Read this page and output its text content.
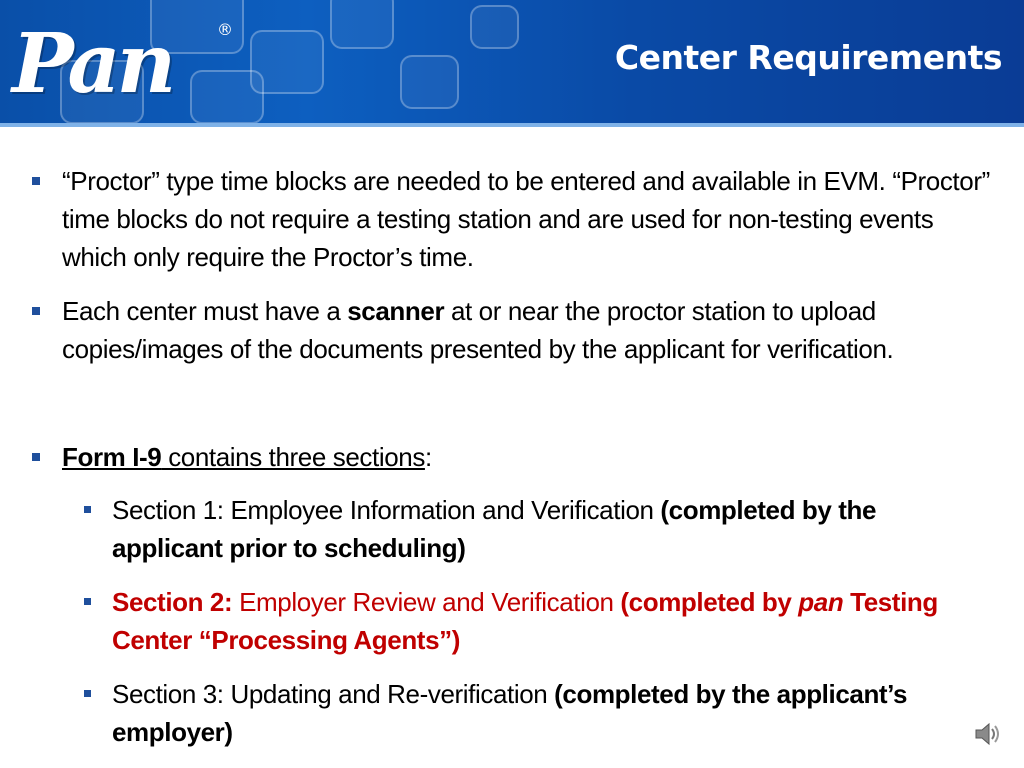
Pan	®
Center Requirements
“Proctor” type time blocks are needed to be entered and available in EVM. “Proctor” time blocks do not require a testing station and are used for non-testing events which only require the Proctor’s time.
Each center must have a scanner at or near the proctor station to upload copies/images of the documents presented by the applicant for verification.
Form I-9 contains three sections:
Section 1: Employee Information and Verification (completed by the applicant prior to scheduling)
Section 2: Employer Review and Verification (completed by pan Testing Center “Processing Agents”)
Section 3: Updating and Re-verification (completed by the applicant’s employer)
